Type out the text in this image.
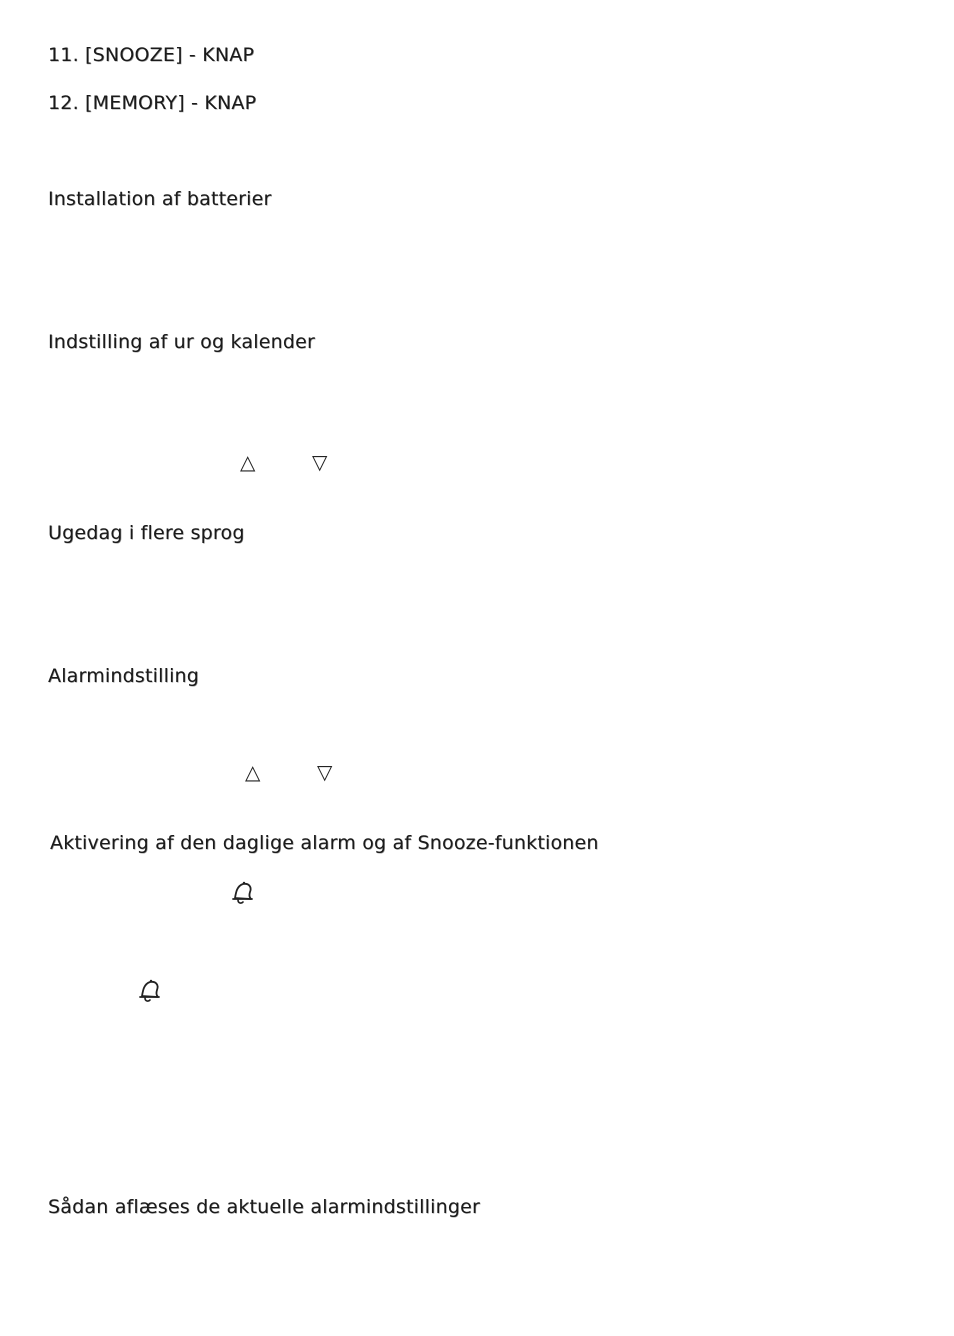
11. [SNOOZE] - KNAP
12. [MEMORY] - KNAP
Installation af batterier
Indstilling af ur og kalender
△	▽
Ugedag i flere sprog
Alarmindstilling
△	▽
Aktivering af den daglige alarm og af Snooze-funktionen
Sådan aflæses de aktuelle alarmindstillinger
